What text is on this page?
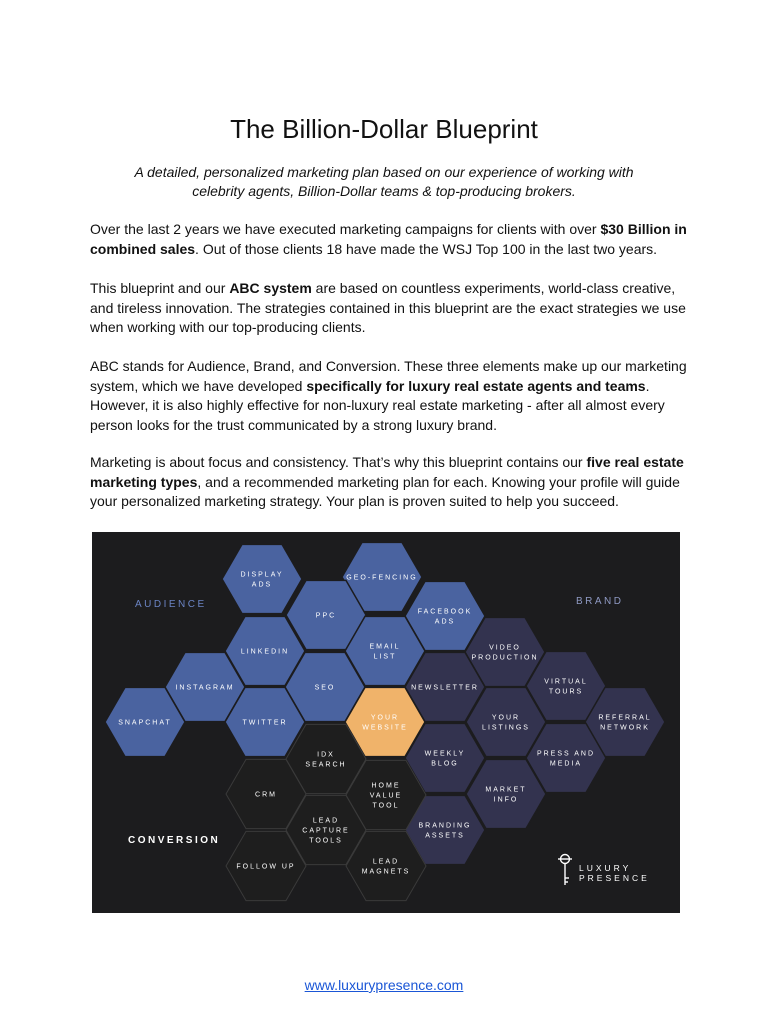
The Billion-Dollar Blueprint
A detailed, personalized marketing plan based on our experience of working with celebrity agents, Billion-Dollar teams & top-producing brokers.
Over the last 2 years we have executed marketing campaigns for clients with over $30 Billion in combined sales. Out of those clients 18 have made the WSJ Top 100 in the last two years.
This blueprint and our ABC system are based on countless experiments, world-class creative, and tireless innovation. The strategies contained in this blueprint are the exact strategies we use when working with our top-producing clients.
ABC stands for Audience, Brand, and Conversion. These three elements make up our marketing system, which we have developed specifically for luxury real estate agents and teams. However, it is also highly effective for non-luxury real estate marketing - after all almost every person looks for the trust communicated by a strong luxury brand.
Marketing is about focus and consistency. That’s why this blueprint contains our five real estate marketing types, and a recommended marketing plan for each. Knowing your profile will guide your personalized marketing strategy. Your plan is proven suited to help you succeed.
DISPLAY
ADS
GEO-FENCING
PPC
FACEBOOK
ADS
LINKEDIN
EMAIL
LIST
INSTAGRAM	SEO
SNAPCHAT	TWITTER
VIDEO
PRODUCTION
NEWSLETTER
VIRTUAL
TOURS
YOUR
LISTINGS
REFERRAL
NETWORK
WEEKLY
BLOG
PRESS AND
MEDIA
MARKET
INFO
BRANDING
ASSETS
YOUR
WEBSITE
IDX
SEARCH
CRM
HOME
VALUE
TOOL
LEAD
CAPTURE
TOOLS
FOLLOW UP
LEAD
MAGNETS
AUDIENCE	BRAND
CONVERSION
LUXURY
PRESENCE
www.luxurypresence.com
